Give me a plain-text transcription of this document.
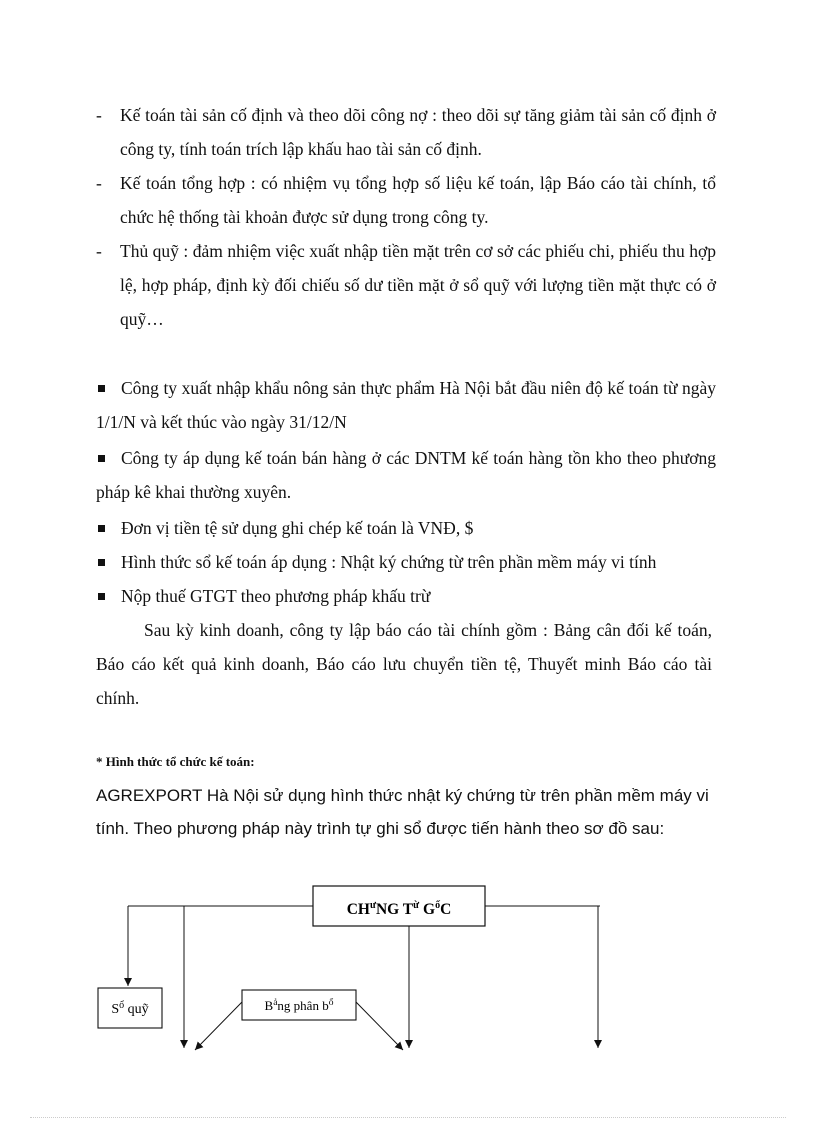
-	Kế toán tài sản cố định và theo dõi công nợ : theo dõi sự tăng giảm tài sản cố định ở công ty, tính toán trích lập khấu hao tài sản cố định.
-	Kế toán tổng hợp : có nhiệm vụ tổng hợp số liệu kế toán, lập Báo cáo tài chính, tổ chức hệ thống tài khoản được sử dụng trong công ty.
-	Thủ quỹ : đảm nhiệm việc xuất nhập tiền mặt trên cơ sở các phiếu chi, phiếu thu hợp lệ, hợp pháp, định kỳ đối chiếu số dư tiền mặt ở sổ quỹ với lượng tiền mặt thực có ở quỹ…
Công ty xuất nhập khẩu nông sản thực phẩm Hà Nội bắt đầu niên độ kế toán từ ngày 1/1/N và kết thúc vào ngày 31/12/N
Công ty áp dụng kế toán bán hàng ở các DNTM kế toán hàng tồn kho theo phương pháp kê khai thường xuyên.
Đơn vị tiền tệ sử dụng ghi chép kế toán là VNĐ, $
Hình thức sổ kế toán áp dụng : Nhật ký chứng từ trên phần mềm máy vi tính
Nộp thuế GTGT theo phương pháp khấu trừ
Sau kỳ kinh doanh, công ty lập báo cáo tài chính gồm : Bảng cân đối kế toán, Báo cáo kết quả kinh doanh, Báo cáo lưu chuyển tiền tệ, Thuyết minh Báo cáo tài chính.
* Hình thức tổ chức kế toán:
AGREXPORT Hà Nội sử dụng hình thức nhật ký chứng từ trên phần mềm máy vi tính. Theo phương pháp này trình tự ghi sổ được tiến hành theo sơ đồ sau:
$CH^ưNG$ $T^ừ$ $G^ốC$
$S^ổ$ quỹ	$B^ảng$ phân $b^ổ$
